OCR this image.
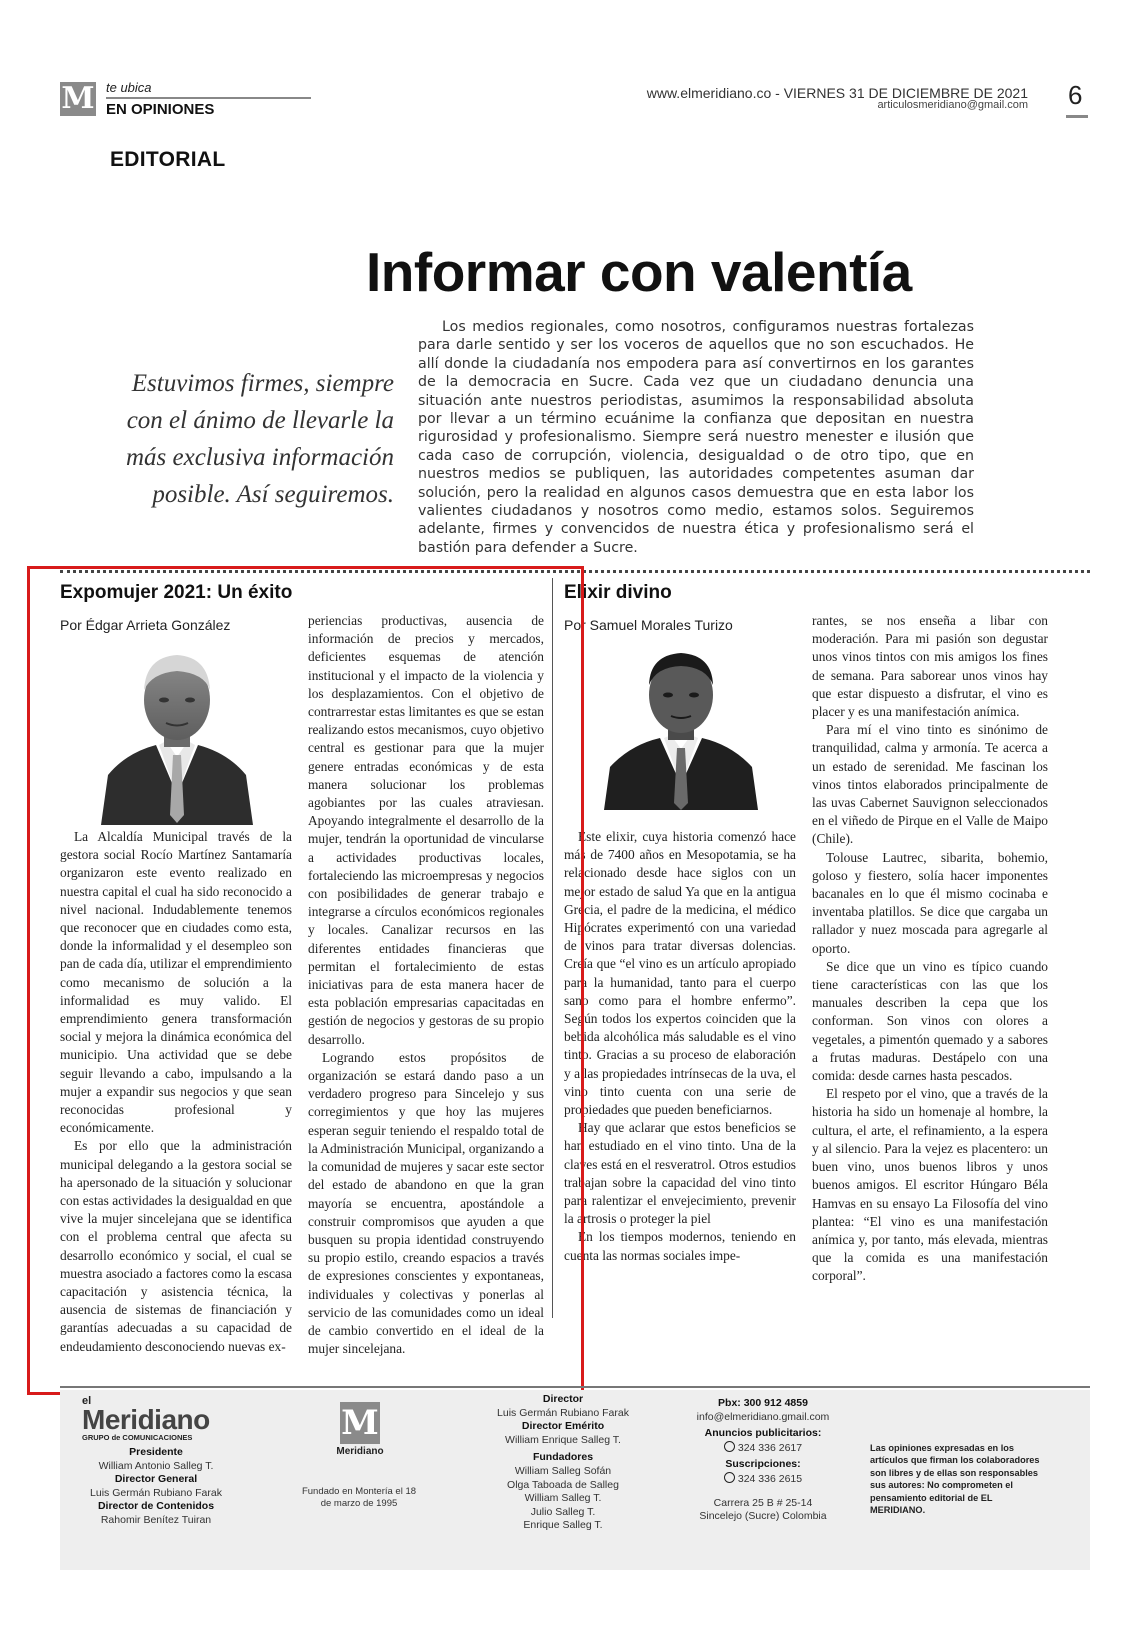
M te ubica
EN OPINIONES
www.elmeridiano.co - VIERNES 31 DE DICIEMBRE DE 2021
articulosmeridiano@gmail.com 6
EDITORIAL
Informar con valentía
Estuvimos firmes, siempre con el ánimo de llevarle la más exclusiva información posible. Así seguiremos.

Los medios regionales, como nosotros, configuramos nuestras fortalezas para darle sentido y ser los voceros de aquellos que no son escuchados. He allí donde la ciudadanía nos empodera para así convertirnos en los garantes de la democracia en Sucre. Cada vez que un ciudadano denuncia una situación ante nuestros periodistas, asumimos la responsabilidad absoluta por llevar a un término ecuánime la confianza que depositan en nuestra rigurosidad y profesionalismo. Siempre será nuestro menester e ilusión que cada caso de corrupción, violencia, desigualdad o de otro tipo, que en nuestros medios se publiquen, las autoridades competentes asuman dar solución, pero la realidad en algunos casos demuestra que en esta labor los valientes ciudadanos y nosotros como medio, estamos solos. Seguiremos adelante, firmes y convencidos de nuestra ética y profesionalismo será el bastión para defender a Sucre.

Expomujer 2021: Un éxito
Por Édgar Arrieta González

La Alcaldía Municipal través de la gestora social Rocío Martínez Santamaría organizaron este evento realizado en nuestra capital el cual ha sido reconocido a nivel nacional. Indudablemente tenemos que reconocer que en ciudades como esta, donde la informalidad y el desempleo son pan de cada día, utilizar el emprendimiento como mecanismo de solución a la informalidad es muy valido. El emprendimiento genera transformación social y mejora la dinámica económica del municipio. Una actividad que se debe seguir llevando a cabo, impulsando a la mujer a expandir sus negocios y que sean reconocidas profesional y económicamente.

Es por ello que la administración municipal delegando a la gestora social se ha apersonado de la situación y solucionar con estas actividades la desigualdad en que vive la mujer sincelejana que se identifica con el problema central que afecta su desarrollo económico y social, el cual se muestra asociado a factores como la escasa capacitación y asistencia técnica, la ausencia de sistemas de financiación y garantías adecuadas a su capacidad de endeudamiento desconociendo nuevas ex-

periencias productivas, ausencia de información de precios y mercados, deficientes esquemas de atención institucional y el impacto de la violencia y los desplazamientos. Con el objetivo de contrarrestar estas limitantes es que se estan realizando estos mecanismos, cuyo objetivo central es gestionar para que la mujer genere entradas económicas y de esta manera solucionar los problemas agobiantes por las cuales atraviesan. Apoyando integralmente el desarrollo de la mujer, tendrán la oportunidad de vincularse a actividades productivas locales, fortaleciendo las microempresas y negocios con posibilidades de generar trabajo e integrarse a círculos económicos regionales y locales. Canalizar recursos en las diferentes entidades financieras que permitan el fortalecimiento de estas iniciativas para de esta manera hacer de esta población empresarias capacitadas en gestión de negocios y gestoras de su propio desarrollo.

Logrando estos propósitos de organización se estará dando paso a un verdadero progreso para Sincelejo y sus corregimientos y que hoy las mujeres esperan seguir teniendo el respaldo total de la Administración Municipal, organizando a la comunidad de mujeres y sacar este sector del estado de abandono en que la gran mayoría se encuentra, apostándole a construir compromisos que ayuden a que busquen su propia identidad construyendo su propio estilo, creando espacios a través de expresiones conscientes y expontaneas, individuales y colectivas y ponerlas al servicio de las comunidades como un ideal de cambio convertido en el ideal de la mujer sincelejana.

Elixir divino
Por Samuel Morales Turizo

Este elixir, cuya historia comenzó hace más de 7400 años en Mesopotamia, se ha relacionado desde hace siglos con un mejor estado de salud Ya que en la antigua Grecia, el padre de la medicina, el médico Hipócrates experimentó con una variedad de vinos para tratar diversas dolencias. Creía que “el vino es un artículo apropiado para la humanidad, tanto para el cuerpo sano como para el hombre enfermo”. Según todos los expertos coinciden que la bebida alcohólica más saludable es el vino tinto. Gracias a su proceso de elaboración y a las propiedades intrínsecas de la uva, el vino tinto cuenta con una serie de propiedades que pueden beneficiarnos.

Hay que aclarar que estos beneficios se han estudiado en el vino tinto. Una de la claves está en el resveratrol. Otros estudios trabajan sobre la capacidad del vino tinto para ralentizar el envejecimiento, prevenir la artrosis o proteger la piel

En los tiempos modernos, teniendo en cuenta las normas sociales impe-

rantes, se nos enseña a libar con moderación. Para mi pasión son degustar unos vinos tintos con mis amigos los fines de semana. Para saborear unos vinos hay que estar dispuesto a disfrutar, el vino es placer y es una manifestación anímica.

Para mí el vino tinto es sinónimo de tranquilidad, calma y armonía. Te acerca a un estado de serenidad. Me fascinan los vinos tintos elaborados principalmente de las uvas Cabernet Sauvignon seleccionados en el viñedo de Pirque en el Valle de Maipo (Chile).

Tolouse Lautrec, sibarita, bohemio, goloso y fiestero, solía hacer imponentes bacanales en lo que él mismo cocinaba e inventaba platillos. Se dice que cargaba un rallador y nuez moscada para agregarle al oporto.

Se dice que un vino es típico cuando tiene características con las que los manuales describen la cepa que los conforman. Son vinos con olores a vegetales, a pimentón quemado y a sabores a frutas maduras. Destápelo con una comida: desde carnes hasta pescados.

El respeto por el vino, que a través de la historia ha sido un homenaje al hombre, la cultura, el arte, el refinamiento, a la espera y al silencio. Para la vejez es placentero: un buen vino, unos buenos libros y unos buenos amigos. El escritor Húngaro Béla Hamvas en su ensayo La Filosofía del vino plantea: “El vino es una manifestación anímica y, por tanto, más elevada, mientras que la comida es una manifestación corporal”.

el
Meridiano
GRUPO de COMUNICACIONES
Presidente
William Antonio Salleg T.
Director General
Luis Germán Rubiano Farak
Director de Contenidos
Rahomir Benítez Tuiran
M
Meridiano
Fundado en Montería el 18 de marzo de 1995
Director
Luis Germán Rubiano Farak
Director Emérito
William Enrique Salleg T.
Fundadores
William Salleg Sofán
Olga Taboada de Salleg
William Salleg T.
Julio Salleg T.
Enrique Salleg T.
Pbx: 300 912 4859
info@elmeridiano.gmail.com
Anuncios publicitarios:
324 336 2617
Suscripciones:
324 336 2615
Carrera 25 B # 25-14
Sincelejo (Sucre) Colombia
Las opiniones expresadas en los artículos que firman los colaboradores son libres y de ellas son responsables sus autores: No comprometen el pensamiento editorial de EL MERIDIANO.
